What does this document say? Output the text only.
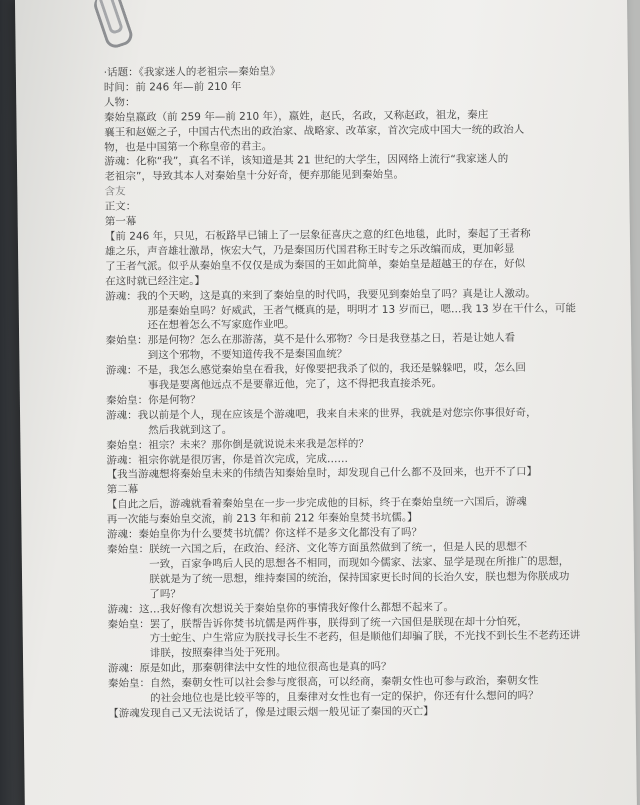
·话题：《我家迷人的老祖宗—秦始皇》
时间：前 246 年—前 210 年
人物：
秦始皇嬴政（前 259 年—前 210 年），嬴姓，赵氏，名政，又称赵政，祖龙，秦庄
襄王和赵姬之子，中国古代杰出的政治家、战略家、改革家，首次完成中国大一统的政治人
物，也是中国第一个称皇帝的君主。
游魂：化称“我”，真名不详，该知道是其 21 世纪的大学生，因网络上流行“我家迷人的
老祖宗”，导致其本人对秦始皇十分好奇，便弃那能见到秦始皇。
含友
正文：
第一幕
【前 246 年，只见，石板路早已铺上了一层象征喜庆之意的红色地毯，此时，秦起了王者称
雄之乐，声音雄壮激昂，恢宏大气，乃是秦国历代国君称王时专之乐改编而成，更加彰显
了王者气派。似乎从秦始皇不仅仅是成为秦国的王如此简单，秦始皇是超越王的存在，好似
在这时就已经注定。】
游魂：我的个天哟，这是真的来到了秦始皇的时代吗，我要见到秦始皇了吗？真是让人激动。
那是秦始皇吗？好威武，王者气概真的是，明明才 13 岁而已，嗯…我 13 岁在干什么，可能
还在想着怎么不写家庭作业吧。
秦始皇：那是何物？怎么在那游荡，莫不是什么邪物？今日是我登基之日，若是让她人看
到这个邪物，不要知道传我不是秦国血统？
游魂：不是，我怎么感觉秦始皇在看我，好像要把我杀了似的，我还是躲躲吧，哎，怎么回
事我是要离他远点不是要靠近他，完了，这不得把我直接杀死。
秦始皇：你是何物？
游魂：我以前是个人，现在应该是个游魂吧，我来自未来的世界，我就是对您宗你事很好奇，
然后我就到这了。
秦始皇：祖宗？未来？那你倒是就说说未来我是怎样的？
游魂：祖宗你就是很厉害，你是首次完成，完成……
【我当游魂想将秦始皇未来的伟绩告知秦始皇时，却发现自己什么都不及回来，也开不了口】
第二幕
【自此之后，游魂就看着秦始皇在一步一步完成他的目标，终于在秦始皇统一六国后，游魂
再一次能与秦始皇交流，前 213 年和前 212 年秦始皇焚书坑儒。】
游魂：秦始皇你为什么要焚书坑儒？你这样不是多文化都没有了吗？
秦始皇：朕统一六国之后，在政治、经济、文化等方面虽然做到了统一，但是人民的思想不
一致，百家争鸣后人民的思想各不相同，而现如今儒家、法家、显学是现在所推广的思想，
朕就是为了统一思想，维持秦国的统治，保持国家更长时间的长治久安，朕也想为你朕成功
了吗？
游魂：这…我好像有次想说关于秦始皇你的事情我好像什么都想不起来了。
秦始皇：罢了，朕帮告诉你焚书坑儒是两件事，朕得到了统一六国但是朕现在却十分怕死，
方士蛇生、户生常应为朕找寻长生不老药，但是顺他们却骗了朕，不光找不到长生不老药还讲
诽朕，按照秦律当处于死刑。
游魂：原是如此，那秦朝律法中女性的地位很高也是真的吗？
秦始皇：自然，秦朝女性可以社会参与度很高，可以经商，秦朝女性也可参与政治，秦朝女性
的社会地位也是比较平等的，且秦律对女性也有一定的保护，你还有什么想问的吗？
【游魂发现自己又无法说话了，像是过眼云烟一般见证了秦国的灭亡】
